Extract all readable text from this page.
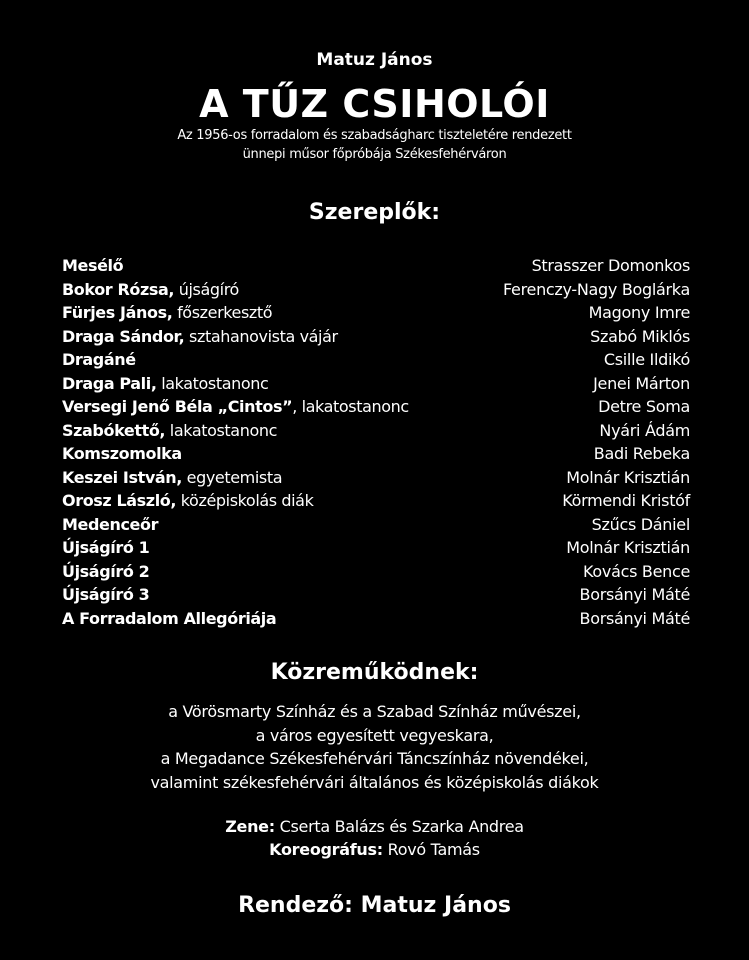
Matuz János
A TŰZ CSIHOLÓI
Az 1956-os forradalom és szabadságharc tiszteletére rendezett
ünnepi műsor főpróbája Székesfehérváron
Szereplők:
Mesélő	Strasszer Domonkos
Bokor Rózsa, újságíró	Ferenczy-Nagy Boglárka
Fürjes János, főszerkesztő	Magony Imre
Draga Sándor, sztahanovista vájár	Szabó Miklós
Dragáné	Csille Ildikó
Draga Pali, lakatostanonc	Jenei Márton
Versegi Jenő Béla „Cintos”, lakatostanonc	Detre Soma
Szabókettő, lakatostanonc	Nyári Ádám
Komszomolka	Badi Rebeka
Keszei István, egyetemista	Molnár Krisztián
Orosz László, középiskolás diák	Körmendi Kristóf
Medenceőr	Szűcs Dániel
Újságíró 1	Molnár Krisztián
Újságíró 2	Kovács Bence
Újságíró 3	Borsányi Máté
A Forradalom Allegóriája	Borsányi Máté
Közreműködnek:
a Vörösmarty Színház és a Szabad Színház művészei,
a város egyesített vegyeskara,
a Megadance Székesfehérvári Táncszínház növendékei,
valamint székesfehérvári általános és középiskolás diákok
Zene: Cserta Balázs és Szarka Andrea
Koreográfus: Rovó Tamás
Rendező: Matuz János
